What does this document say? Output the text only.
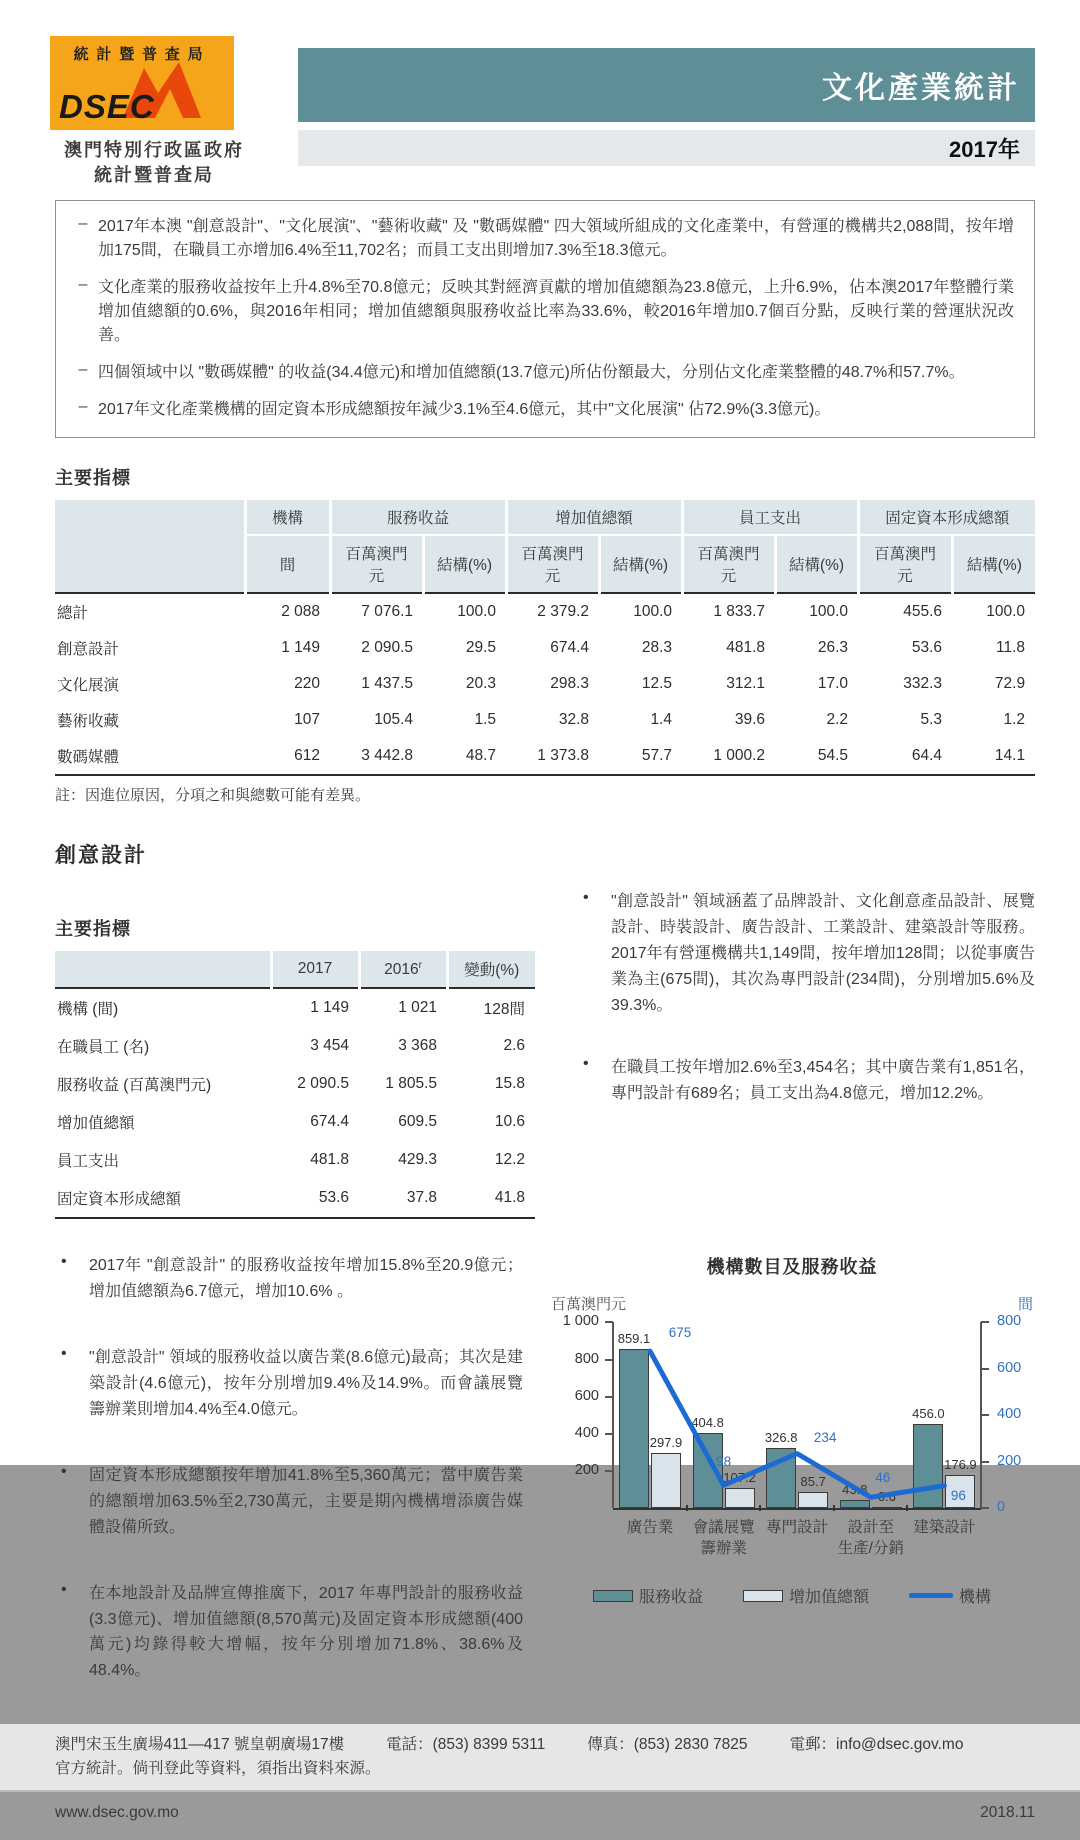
統計暨普查局
DSEC
澳門特別行政區政府
統計暨普查局
文化產業統計
2017年
– 2017年本澳 "創意設計"、"文化展演"、"藝術收藏" 及 "數碼媒體" 四大領域所組成的文化產業中，有營運的機構共2,088間，按年增加175間，在職員工亦增加6.4%至11,702名；而員工支出則增加7.3%至18.3億元。
– 文化產業的服務收益按年上升4.8%至70.8億元；反映其對經濟貢獻的增加值總額為23.8億元，上升6.9%，佔本澳2017年整體行業增加值總額的0.6%，與2016年相同；增加值總額與服務收益比率為33.6%，較2016年增加0.7個百分點，反映行業的營運狀況改善。
– 四個領域中以 "數碼媒體" 的收益(34.4億元)和增加值總額(13.7億元)所佔份額最大，分別佔文化產業整體的48.7%和57.7%。
– 2017年文化產業機構的固定資本形成總額按年減少3.1%至4.6億元，其中"文化展演" 佔72.9%(3.3億元)。
主要指標
	機構	服務收益		增加值總額		員工支出		固定資本形成總額	
	間	百萬澳門元	結構(%)	百萬澳門元	結構(%)	百萬澳門元	結構(%)	百萬澳門元	結構(%)
總計	2 088	7 076.1	100.0	2 379.2	100.0	1 833.7	100.0	455.6	100.0
創意設計	1 149	2 090.5	29.5	674.4	28.3	481.8	26.3	53.6	11.8
文化展演	220	1 437.5	20.3	298.3	12.5	312.1	17.0	332.3	72.9
藝術收藏	107	105.4	1.5	32.8	1.4	39.6	2.2	5.3	1.2
數碼媒體	612	3 442.8	48.7	1 373.8	57.7	1 000.2	54.5	64.4	14.1
註：因進位原因，分項之和與總數可能有差異。
創意設計
主要指標
	2017	2016$^r$	變動(%)
機構 (間)	1 149	1 021	128間
在職員工 (名)	3 454	3 368	2.6
服務收益 (百萬澳門元)	2 090.5	1 805.5	15.8
增加值總額	674.4	609.5	10.6
員工支出	481.8	429.3	12.2
固定資本形成總額	53.6	37.8	41.8
•	"創意設計" 領域涵蓋了品牌設計、文化創意產品設計、展覽設計、時裝設計、廣告設計、工業設計、建築設計等服務。2017年有營運機構共1,149間，按年增加128間；以從事廣告業為主(675間)，其次為專門設計(234間)，分別增加5.6%及39.3%。
•	在職員工按年增加2.6%至3,454名；其中廣告業有1,851名，專門設計有689名；員工支出為4.8億元，增加12.2%。
•	2017年 "創意設計" 的服務收益按年增加15.8%至20.9億元；增加值總額為6.7億元，增加10.6% 。
•	"創意設計" 領域的服務收益以廣告業(8.6億元)最高；其次是建築設計(4.6億元)，按年分別增加9.4%及14.9%。而會議展覽籌辦業則增加4.4%至4.0億元。
•	固定資本形成總額按年增加41.8%至5,360萬元；當中廣告業的總額增加63.5%至2,730萬元，主要是期內機構增添廣告媒體設備所致。
•	在本地設計及品牌宣傳推廣下，2017 年專門設計的服務收益(3.3億元)、增加值總額(8,570萬元)及固定資本形成總額(400萬元)均錄得較大增幅，按年分別增加71.8%、38.6%及48.4%。
機構數目及服務收益
百萬澳門元	間
1 000
800
600
400
200
800
600
400
200
0
859.1
404.8
326.8
43.8
456.0
297.9
107.2	85.7
6.6
176.9
675
98
234
46
96
廣告業	會議展覽
籌辦業
專門設計	設計至
生產/分銷
建築設計
服務收益	增加值總額	機構
澳門宋玉生廣場411—417 號皇朝廣場17樓	電話：(853) 8399 5311	傳真：(853) 2830 7825	電郵：info@dsec.gov.mo
官方統計。倘刊登此等資料，須指出資料來源。
www.dsec.gov.mo	2018.11
